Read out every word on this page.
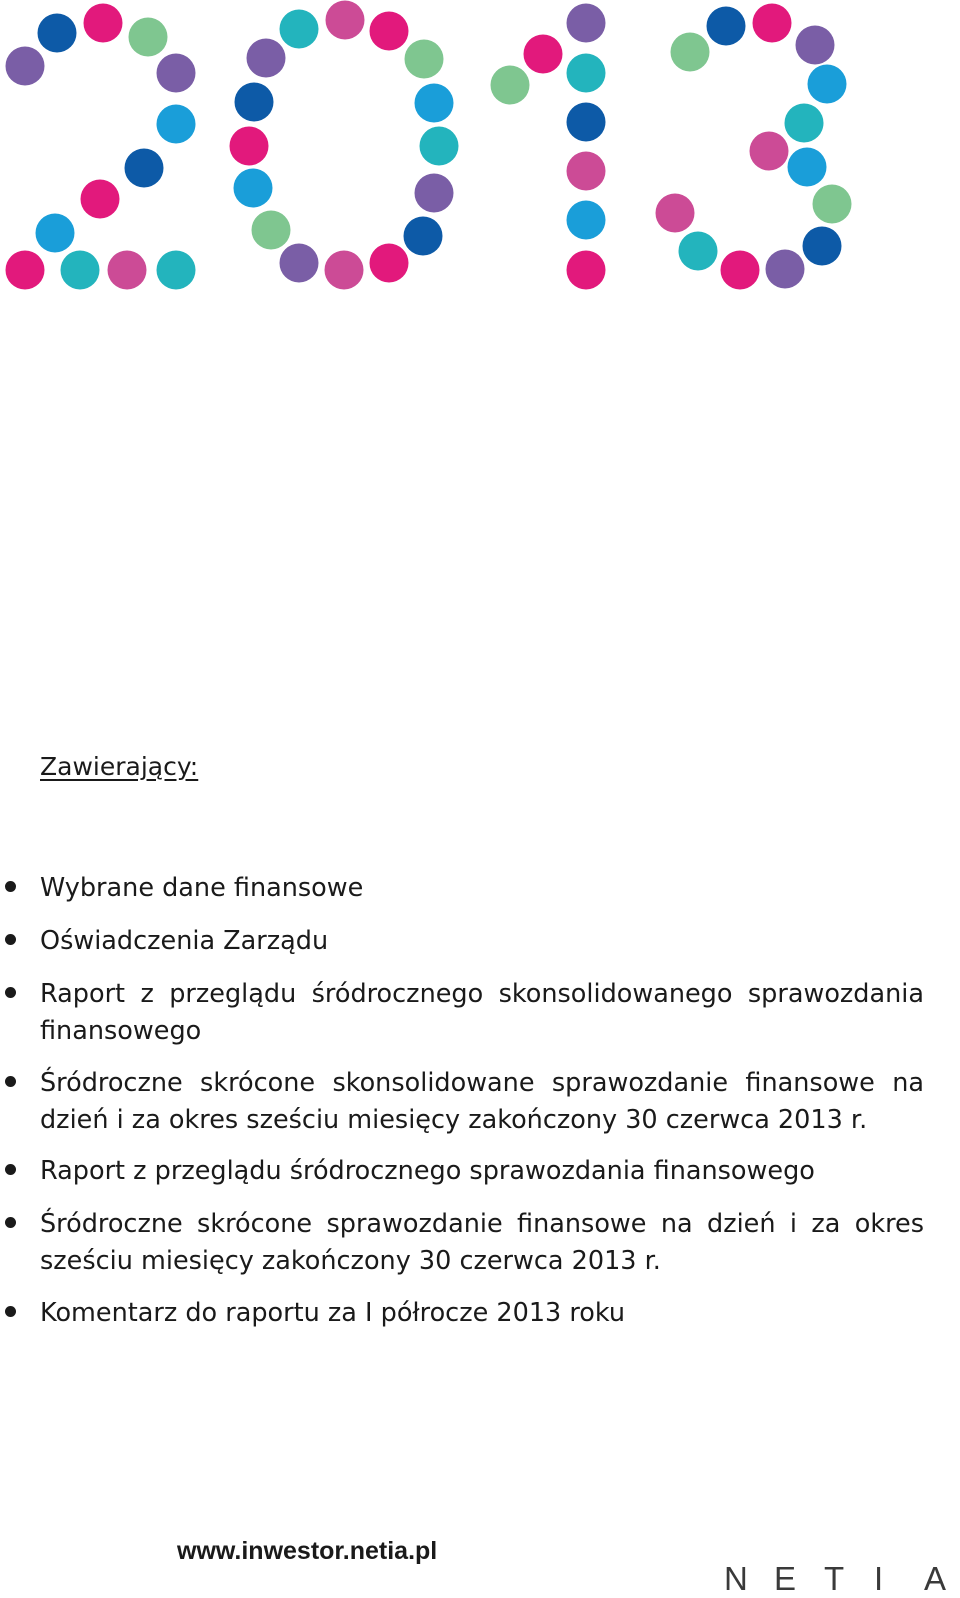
Zawierający:
Wybrane dane finansowe
Oświadczenia Zarządu
Raport z przeglądu śródrocznego skonsolidowanego sprawozdania finansowego
Śródroczne skrócone skonsolidowane sprawozdanie finansowe na dzień i za okres sześciu miesięcy zakończony 30 czerwca 2013 r.
Raport z przeglądu śródrocznego sprawozdania finansowego
Śródroczne skrócone sprawozdanie finansowe na dzień i za okres sześciu miesięcy zakończony 30 czerwca 2013 r.
Komentarz do raportu za I półrocze 2013 roku
www.inwestor.netia.pl
N E T I	A
